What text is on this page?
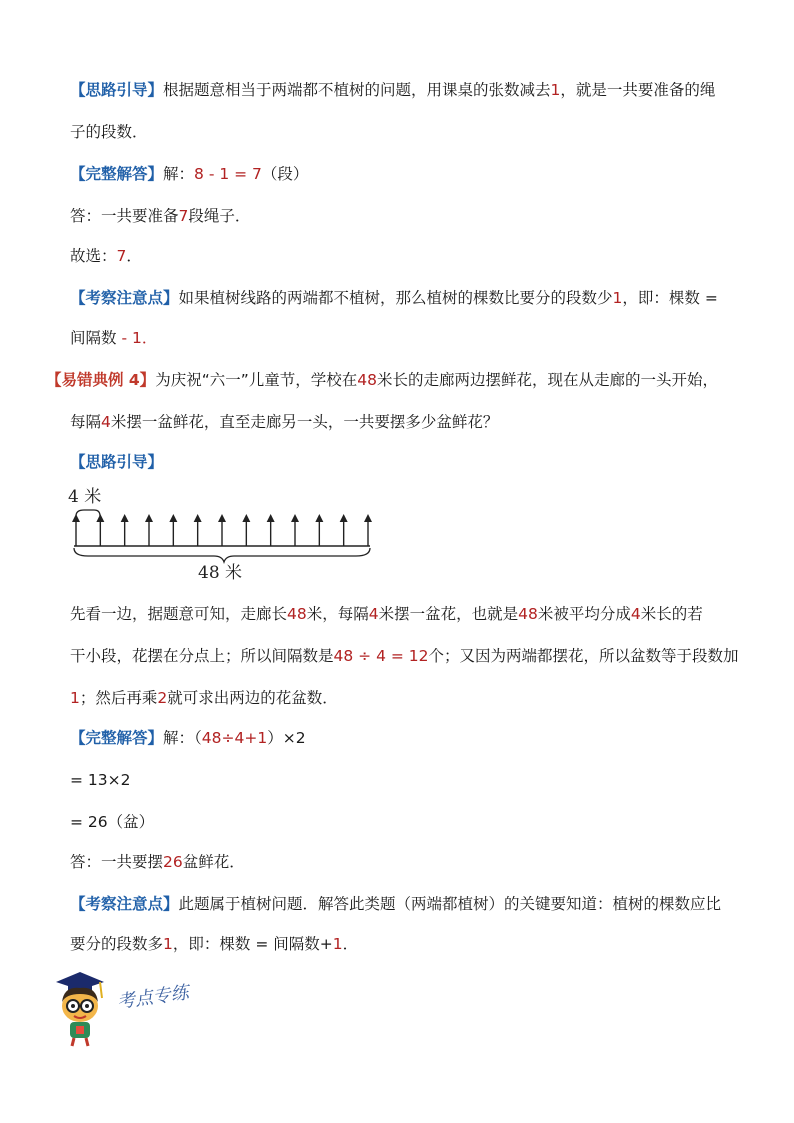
【思路引导】根据题意相当于两端都不植树的问题，用课桌的张数减去1，就是一共要准备的绳
子的段数．
【完整解答】解：8 - 1 = 7（段）
答：一共要准备7段绳子．
故选：7．
【考察注意点】如果植树线路的两端都不植树，那么植树的棵数比要分的段数少1，即：棵数 =
间隔数 - 1．
【易错典例 4】为庆祝“六一”儿童节，学校在48米长的走廊两边摆鲜花，现在从走廊的一头开始，
每隔4米摆一盆鲜花，直至走廊另一头，一共要摆多少盆鲜花？
【思路引导】
4 米
48 米
先看一边，据题意可知，走廊长48米，每隔4米摆一盆花，也就是48米被平均分成4米长的若
干小段，花摆在分点上；所以间隔数是48 ÷ 4 = 12个；又因为两端都摆花，所以盆数等于段数加
1；然后再乘2就可求出两边的花盆数．
【完整解答】解：（48÷4+1）×2
= 13×2
= 26（盆）
答：一共要摆26盆鲜花．
【考察注意点】此题属于植树问题．解答此类题（两端都植树）的关键要知道：植树的棵数应比
要分的段数多1，即：棵数 = 间隔数+1．
考点专练
